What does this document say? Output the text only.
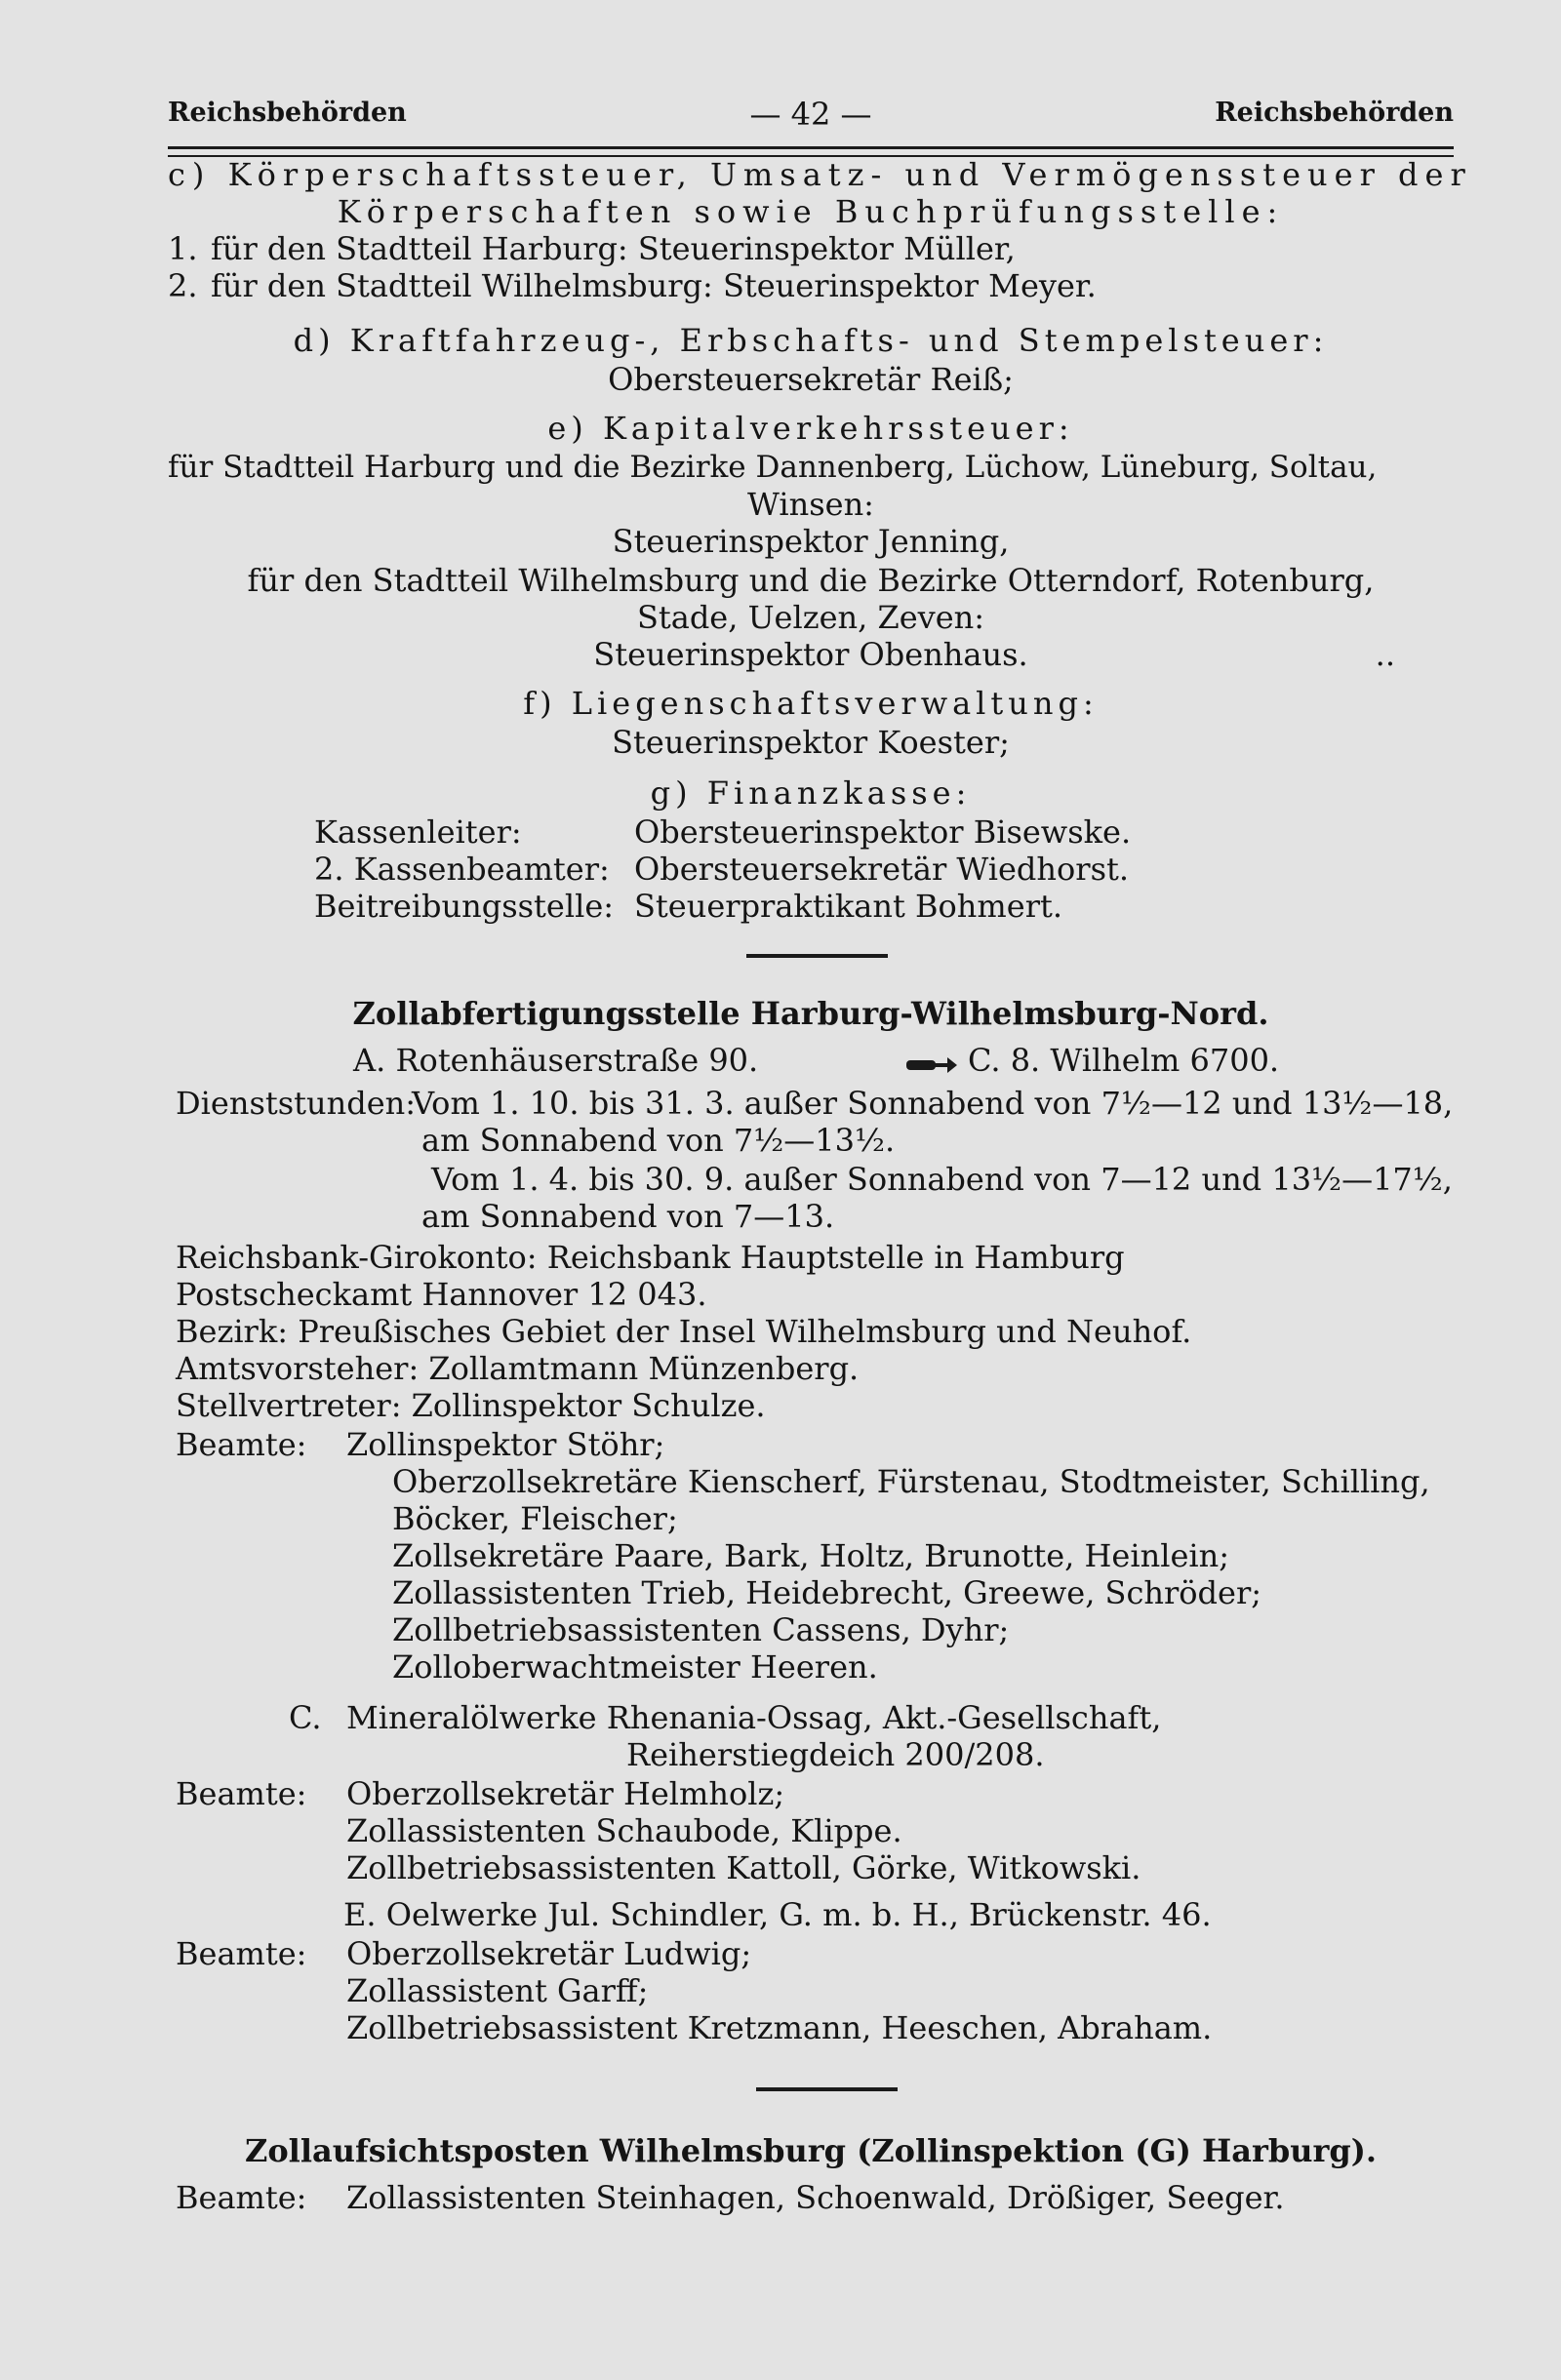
Reichsbehörden	— 42 —	Reichsbehörden
c) Körperschaftssteuer, Umsatz- und Vermögenssteuer der
Körperschaften sowie Buchprüfungsstelle:
1. für den Stadtteil Harburg: Steuerinspektor Müller,
2. für den Stadtteil Wilhelmsburg: Steuerinspektor Meyer.
d) Kraftfahrzeug-, Erbschafts- und Stempelsteuer:
Obersteuersekretär Reiß;
e) Kapitalverkehrssteuer:
für Stadtteil Harburg und die Bezirke Dannenberg, Lüchow, Lüneburg, Soltau,
Winsen:
Steuerinspektor Jenning,
für den Stadtteil Wilhelmsburg und die Bezirke Otterndorf, Rotenburg,
Stade, Uelzen, Zeven:
Steuerinspektor Obenhaus.	..
f) Liegenschaftsverwaltung:
Steuerinspektor Koester;
g) Finanzkasse:
Kassenleiter:	Obersteuerinspektor Bisewske.
2. Kassenbeamter: Obersteuersekretär Wiedhorst.
Beitreibungsstelle: Steuerpraktikant Bohmert.
Zollabfertigungsstelle Harburg-Wilhelmsburg-Nord.
A. Rotenhäuserstraße 90.	C. 8. Wilhelm 6700.
Dienststunden:
Vom 1. 10. bis 31. 3. außer Sonnabend von 7½—12 und 13½—18,
am Sonnabend von 7½—13½.
Vom 1. 4. bis 30. 9. außer Sonnabend von 7—12 und 13½—17½,
am Sonnabend von 7—13.
Reichsbank-Girokonto: Reichsbank Hauptstelle in Hamburg
Postscheckamt Hannover 12 043.
Bezirk: Preußisches Gebiet der Insel Wilhelmsburg und Neuhof.
Amtsvorsteher: Zollamtmann Münzenberg.
Stellvertreter: Zollinspektor Schulze.
Beamte: Zollinspektor Stöhr;
Oberzollsekretäre Kienscherf, Fürstenau, Stodtmeister, Schilling,
Böcker, Fleischer;
Zollsekretäre Paare, Bark, Holtz, Brunotte, Heinlein;
Zollassistenten Trieb, Heidebrecht, Greewe, Schröder;
Zollbetriebsassistenten Cassens, Dyhr;
Zolloberwachtmeister Heeren.
C. Mineralölwerke Rhenania-Ossag, Akt.-Gesellschaft,
Reiherstiegdeich 200/208.
Beamte: Oberzollsekretär Helmholz;
Zollassistenten Schaubode, Klippe.
Zollbetriebsassistenten Kattoll, Görke, Witkowski.
E. Oelwerke Jul. Schindler, G. m. b. H., Brückenstr. 46.
Beamte: Oberzollsekretär Ludwig;
Zollassistent Garff;
Zollbetriebsassistent Kretzmann, Heeschen, Abraham.
Zollaufsichtsposten Wilhelmsburg (Zollinspektion (G) Harburg).
Beamte: Zollassistenten Steinhagen, Schoenwald, Drößiger, Seeger.
